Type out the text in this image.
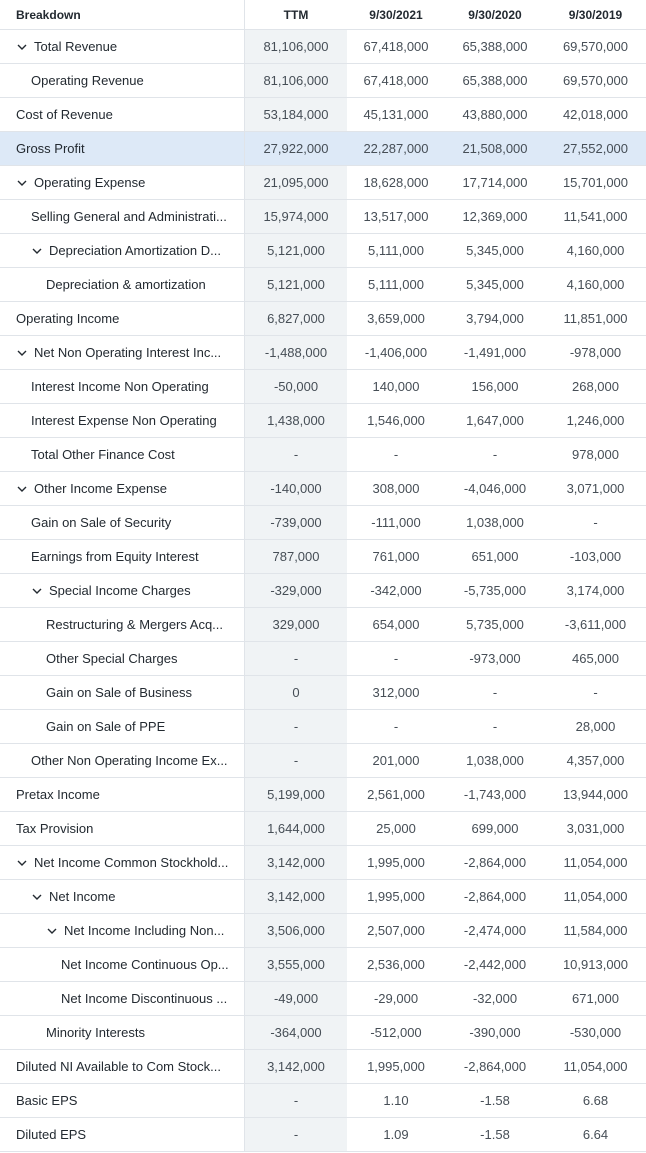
Breakdown	TTM	9/30/2021	9/30/2020	9/30/2019
Total Revenue	81,106,000	67,418,000	65,388,000	69,570,000
Operating Revenue	81,106,000	67,418,000	65,388,000	69,570,000
Cost of Revenue	53,184,000	45,131,000	43,880,000	42,018,000
Gross Profit	27,922,000	22,287,000	21,508,000	27,552,000
Operating Expense	21,095,000	18,628,000	17,714,000	15,701,000
Selling General and Administrati...	15,974,000	13,517,000	12,369,000	11,541,000
Depreciation Amortization D...	5,121,000	5,111,000	5,345,000	4,160,000
Depreciation & amortization	5,121,000	5,111,000	5,345,000	4,160,000
Operating Income	6,827,000	3,659,000	3,794,000	11,851,000
Net Non Operating Interest Inc...	-1,488,000	-1,406,000	-1,491,000	-978,000
Interest Income Non Operating	-50,000	140,000	156,000	268,000
Interest Expense Non Operating	1,438,000	1,546,000	1,647,000	1,246,000
Total Other Finance Cost	-	-	-	978,000
Other Income Expense	-140,000	308,000	-4,046,000	3,071,000
Gain on Sale of Security	-739,000	-111,000	1,038,000	-
Earnings from Equity Interest	787,000	761,000	651,000	-103,000
Special Income Charges	-329,000	-342,000	-5,735,000	3,174,000
Restructuring & Mergers Acq...	329,000	654,000	5,735,000	-3,611,000
Other Special Charges	-	-	-973,000	465,000
Gain on Sale of Business	0	312,000	-	-
Gain on Sale of PPE	-	-	-	28,000
Other Non Operating Income Ex...	-	201,000	1,038,000	4,357,000
Pretax Income	5,199,000	2,561,000	-1,743,000	13,944,000
Tax Provision	1,644,000	25,000	699,000	3,031,000
Net Income Common Stockhold...	3,142,000	1,995,000	-2,864,000	11,054,000
Net Income	3,142,000	1,995,000	-2,864,000	11,054,000
Net Income Including Non...	3,506,000	2,507,000	-2,474,000	11,584,000
Net Income Continuous Op...	3,555,000	2,536,000	-2,442,000	10,913,000
Net Income Discontinuous ...	-49,000	-29,000	-32,000	671,000
Minority Interests	-364,000	-512,000	-390,000	-530,000
Diluted NI Available to Com Stock...	3,142,000	1,995,000	-2,864,000	11,054,000
Basic EPS	-	1.10	-1.58	6.68
Diluted EPS	-	1.09	-1.58	6.64
